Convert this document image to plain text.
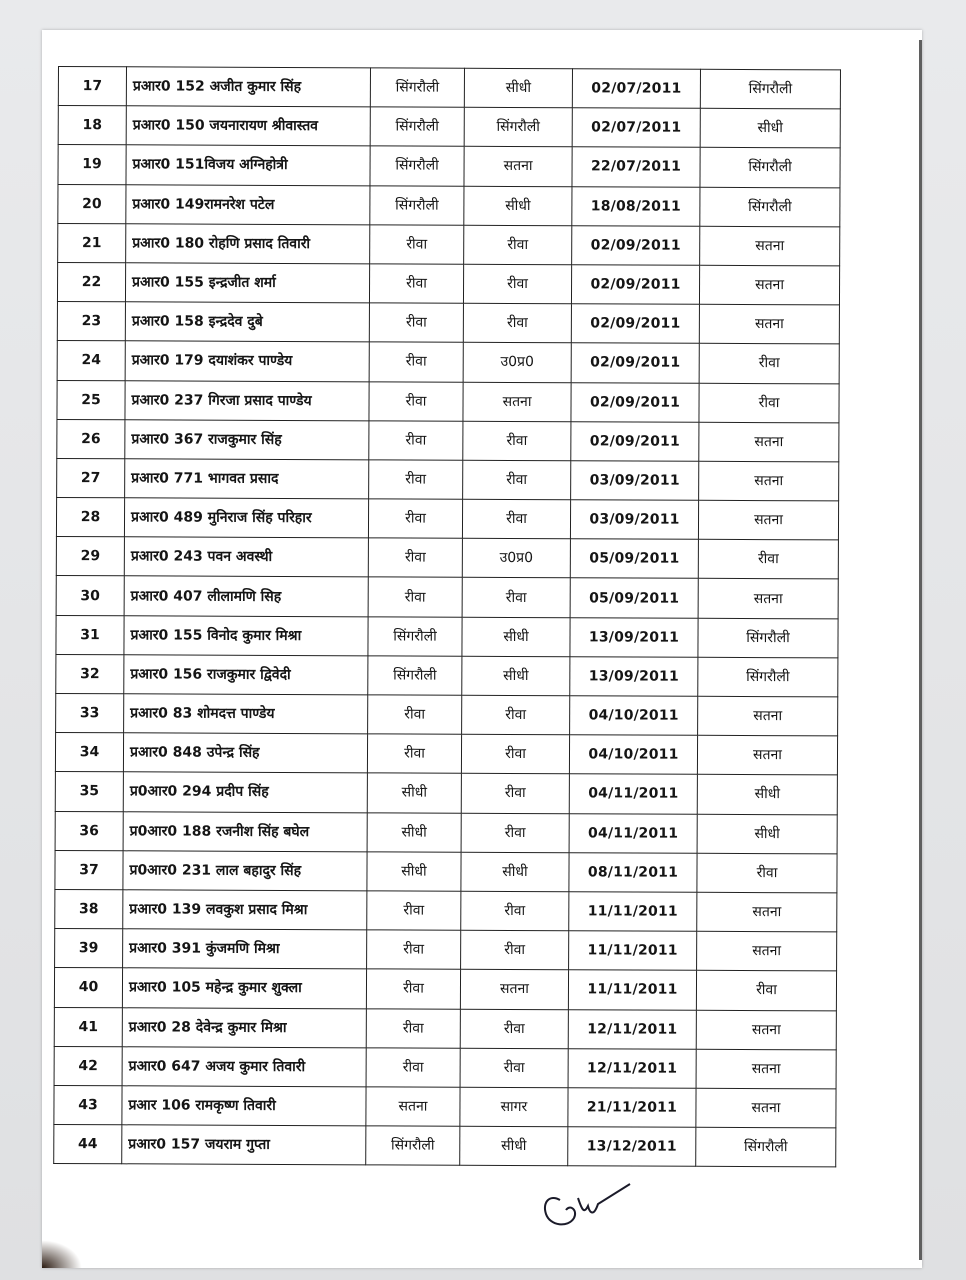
17	प्रआर0 152 अजीत कुमार सिंह	सिंगरौली	सीधी	02/07/2011	सिंगरौली
18	प्रआर0 150 जयनारायण श्रीवास्तव	सिंगरौली	सिंगरौली	02/07/2011	सीधी
19	प्रआर0 151विजय अग्निहोत्री	सिंगरौली	सतना	22/07/2011	सिंगरौली
20	प्रआर0 149रामनरेश पटेल	सिंगरौली	सीधी	18/08/2011	सिंगरौली
21	प्रआर0 180 रोहणि प्रसाद तिवारी	रीवा	रीवा	02/09/2011	सतना
22	प्रआर0 155 इन्द्रजीत शर्मा	रीवा	रीवा	02/09/2011	सतना
23	प्रआर0 158 इन्द्रदेव दुबे	रीवा	रीवा	02/09/2011	सतना
24	प्रआर0 179 दयाशंकर पाण्डेय	रीवा	उ0प्र0	02/09/2011	रीवा
25	प्रआर0 237 गिरजा प्रसाद पाण्डेय	रीवा	सतना	02/09/2011	रीवा
26	प्रआर0 367 राजकुमार सिंह	रीवा	रीवा	02/09/2011	सतना
27	प्रआर0 771 भागवत प्रसाद	रीवा	रीवा	03/09/2011	सतना
28	प्रआर0 489 मुनिराज सिंह परिहार	रीवा	रीवा	03/09/2011	सतना
29	प्रआर0 243 पवन अवस्थी	रीवा	उ0प्र0	05/09/2011	रीवा
30	प्रआर0 407 लीलामणि सिह	रीवा	रीवा	05/09/2011	सतना
31	प्रआर0 155 विनोद कुमार मिश्रा	सिंगरौली	सीधी	13/09/2011	सिंगरौली
32	प्रआर0 156 राजकुमार द्विवेदी	सिंगरौली	सीधी	13/09/2011	सिंगरौली
33	प्रआर0 83 शोमदत्त पाण्डेय	रीवा	रीवा	04/10/2011	सतना
34	प्रआर0 848 उपेन्द्र सिंह	रीवा	रीवा	04/10/2011	सतना
35	प्र0आर0 294 प्रदीप सिंह	सीधी	रीवा	04/11/2011	सीधी
36	प्र0आर0 188 रजनीश सिंह बघेल	सीधी	रीवा	04/11/2011	सीधी
37	प्र0आर0 231 लाल बहादुर सिंह	सीधी	सीधी	08/11/2011	रीवा
38	प्रआर0 139 लवकुश प्रसाद मिश्रा	रीवा	रीवा	11/11/2011	सतना
39	प्रआर0 391 कुंजमणि मिश्रा	रीवा	रीवा	11/11/2011	सतना
40	प्रआर0 105 महेन्द्र कुमार शुक्ला	रीवा	सतना	11/11/2011	रीवा
41	प्रआर0 28 देवेन्द्र कुमार मिश्रा	रीवा	रीवा	12/11/2011	सतना
42	प्रआर0 647 अजय कुमार तिवारी	रीवा	रीवा	12/11/2011	सतना
43	प्रआर 106 रामकृष्ण तिवारी	सतना	सागर	21/11/2011	सतना
44	प्रआर0 157 जयराम गुप्ता	सिंगरौली	सीधी	13/12/2011	सिंगरौली
